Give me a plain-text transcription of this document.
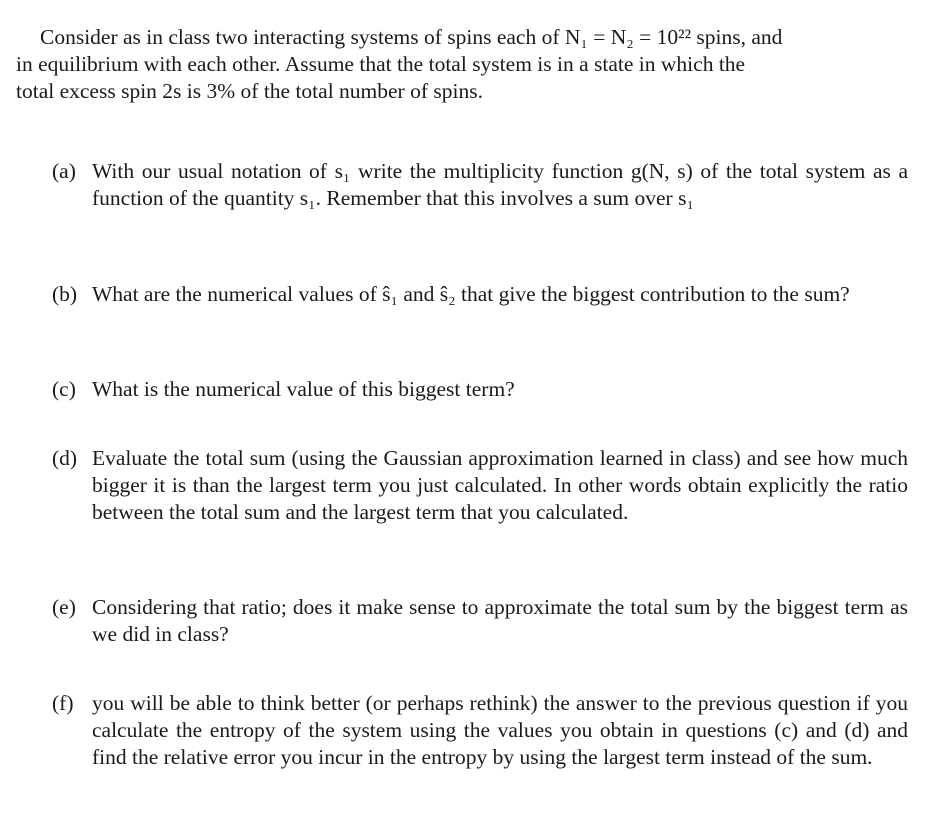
Consider as in class two interacting systems of spins each of N₁ = N₂ = 10²² spins, and
in equilibrium with each other. Assume that the total system is in a state in which the
total excess spin 2s is 3% of the total number of spins.
(a) With our usual notation of s₁ write the multiplicity function g(N, s) of the total system as a function of the quantity s₁. Remember that this involves a sum over s₁
(b) What are the numerical values of ŝ₁ and ŝ₂ that give the biggest contribution to the sum?
(c) What is the numerical value of this biggest term?
(d) Evaluate the total sum (using the Gaussian approximation learned in class) and see how much bigger it is than the largest term you just calculated. In other words obtain explicitly the ratio between the total sum and the largest term that you calculated.
(e) Considering that ratio; does it make sense to approximate the total sum by the biggest term as we did in class?
(f) you will be able to think better (or perhaps rethink) the answer to the previous question if you calculate the entropy of the system using the values you obtain in questions (c) and (d) and find the relative error you incur in the entropy by using the largest term instead of the sum.
